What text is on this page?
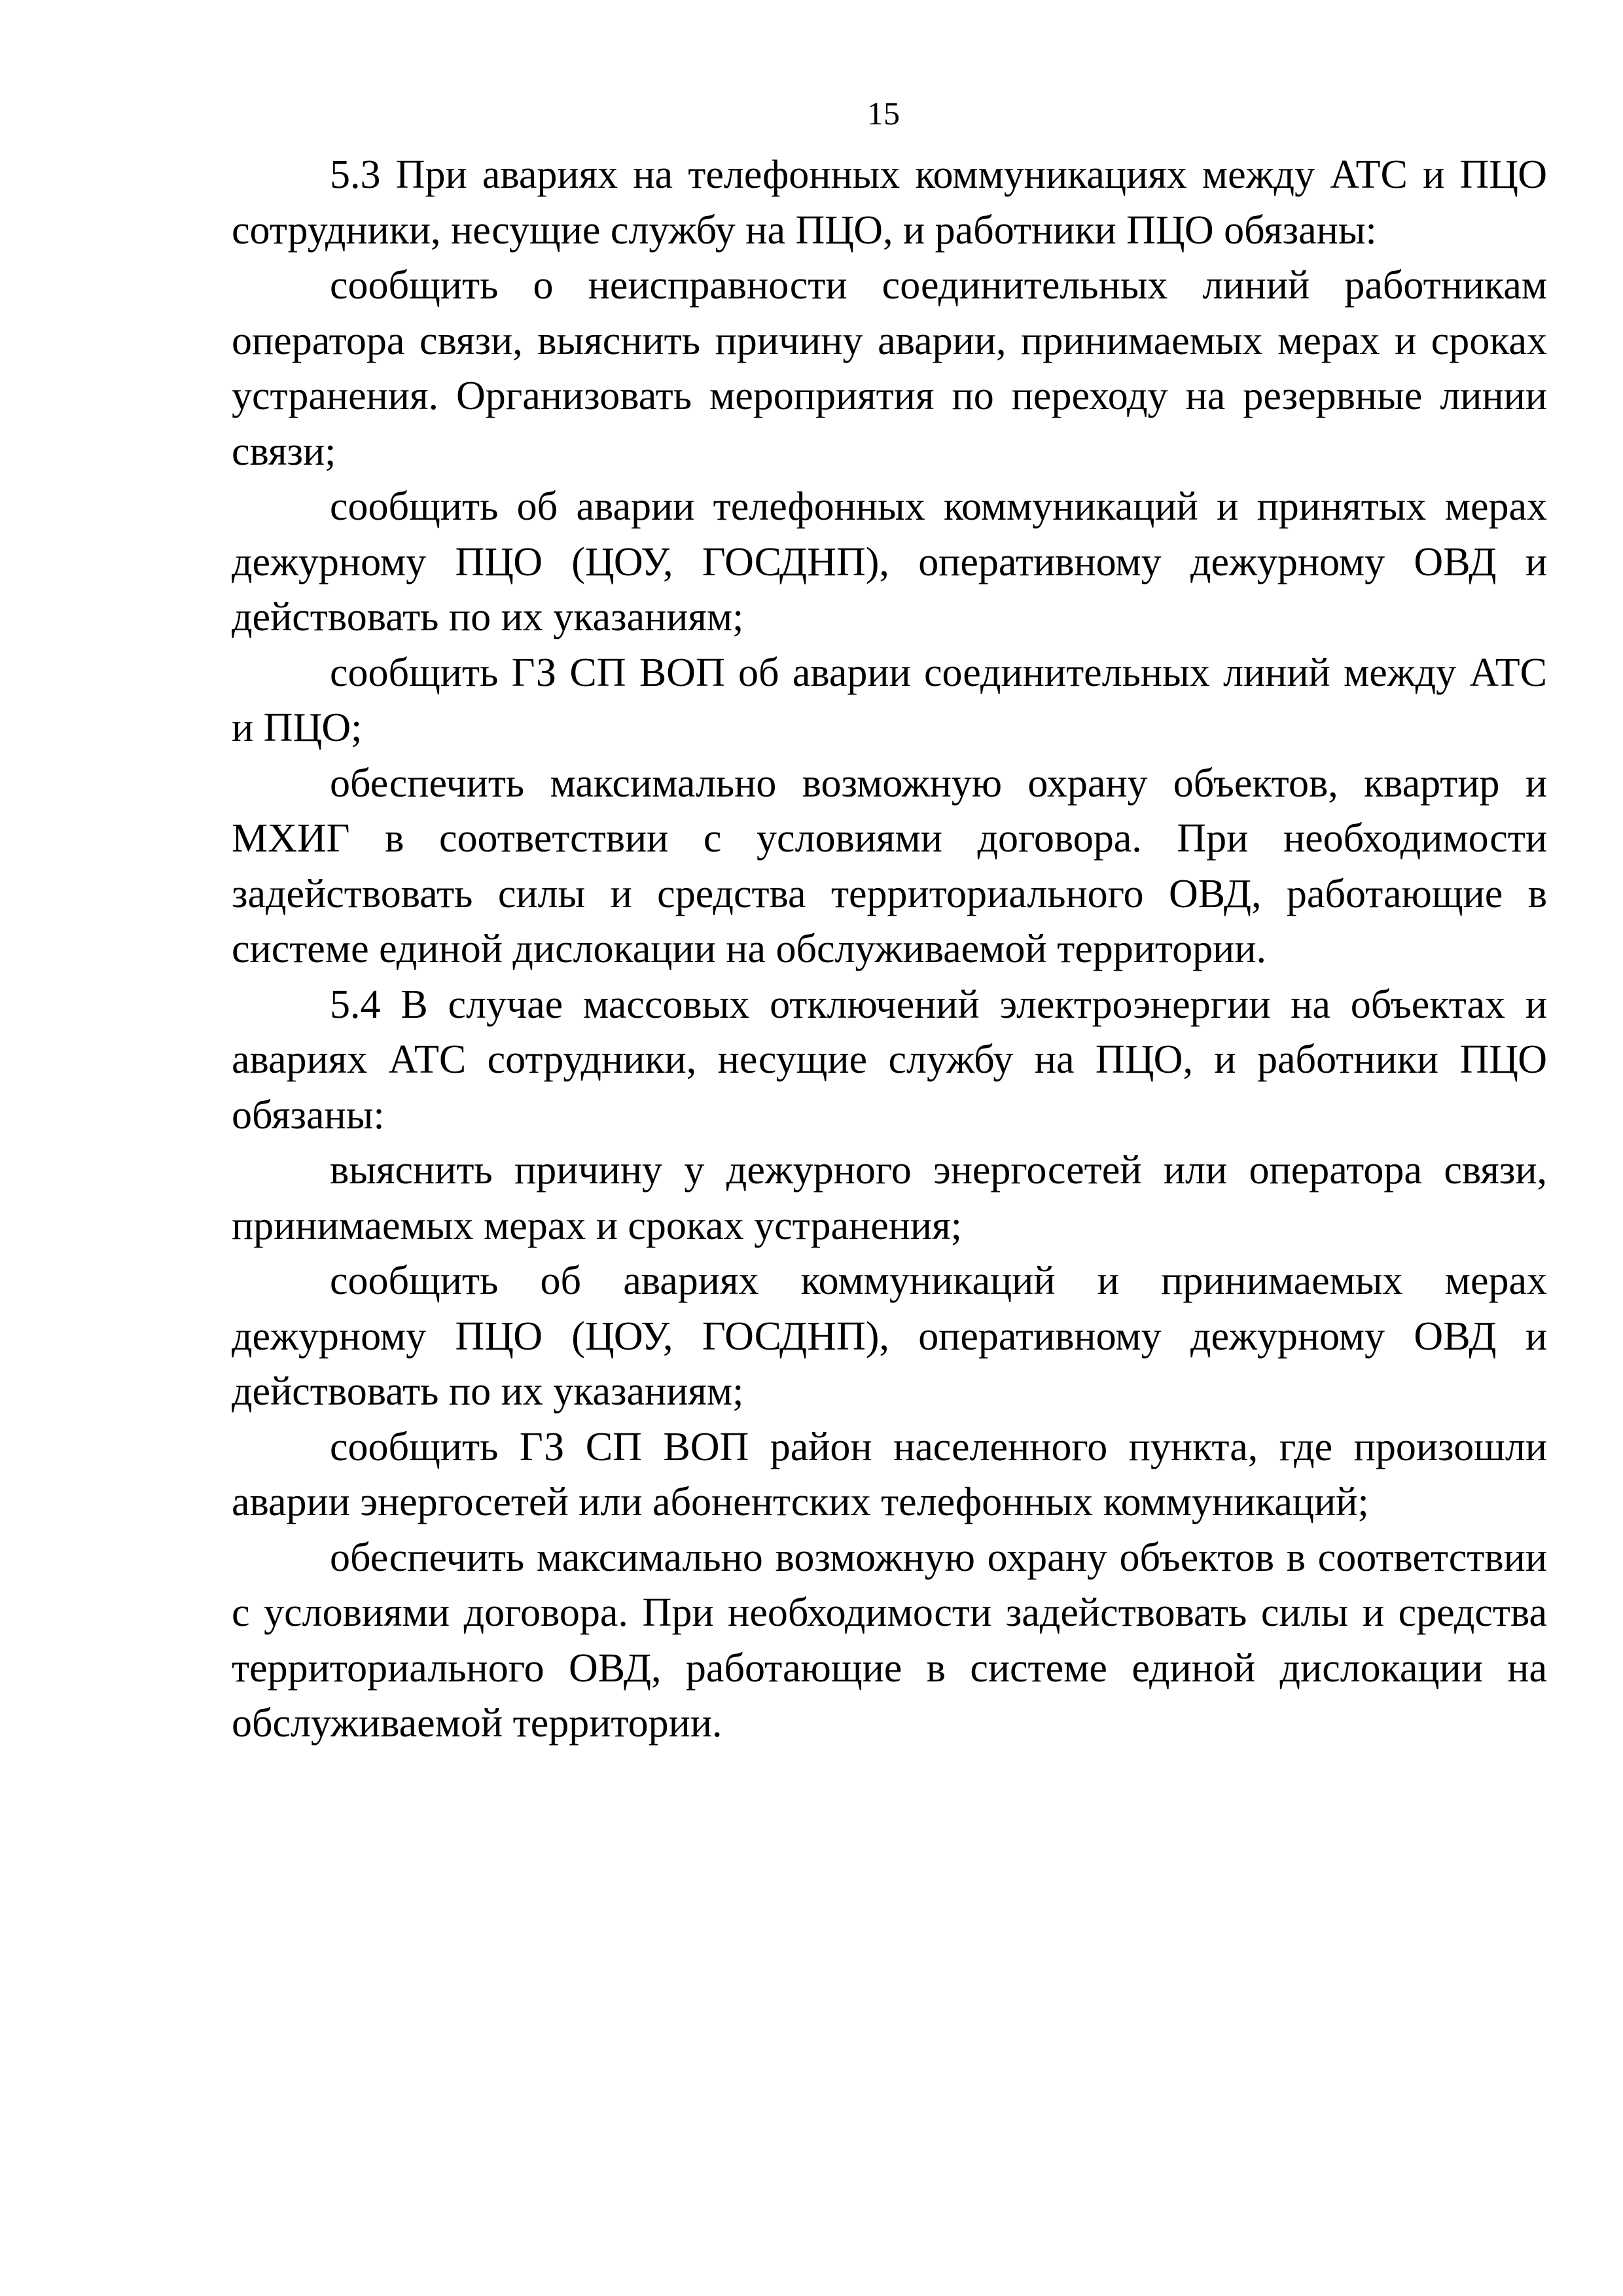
15

5.3 При авариях на телефонных коммуникациях между АТС и ПЦО сотрудники, несущие службу на ПЦО, и работники ПЦО обязаны:

сообщить о неисправности соединительных линий работникам оператора связи, выяснить причину аварии, принимаемых мерах и сроках устранения. Организовать мероприятия по переходу на резервные линии связи;

сообщить об аварии телефонных коммуникаций и принятых мерах дежурному ПЦО (ЦОУ, ГОСДНП), оперативному дежурному ОВД и действовать по их указаниям;

сообщить ГЗ СП ВОП об аварии соединительных линий между АТС и ПЦО;

обеспечить максимально возможную охрану объектов, квартир и МХИГ в соответствии с условиями договора. При необходимости задействовать силы и средства территориального ОВД, работающие в системе единой дислокации на обслуживаемой территории.

5.4 В случае массовых отключений электроэнергии на объектах и авариях АТС сотрудники, несущие службу на ПЦО, и работники ПЦО обязаны:

выяснить причину у дежурного энергосетей или оператора связи, принимаемых мерах и сроках устранения;

сообщить об авариях коммуникаций и принимаемых мерах дежурному ПЦО (ЦОУ, ГОСДНП), оперативному дежурному ОВД и действовать по их указаниям;

сообщить ГЗ СП ВОП район населенного пункта, где произошли аварии энергосетей или абонентских телефонных коммуникаций;

обеспечить максимально возможную охрану объектов в соответствии с условиями договора. При необходимости задействовать силы и средства территориального ОВД, работающие в системе единой дислокации на обслуживаемой территории.
